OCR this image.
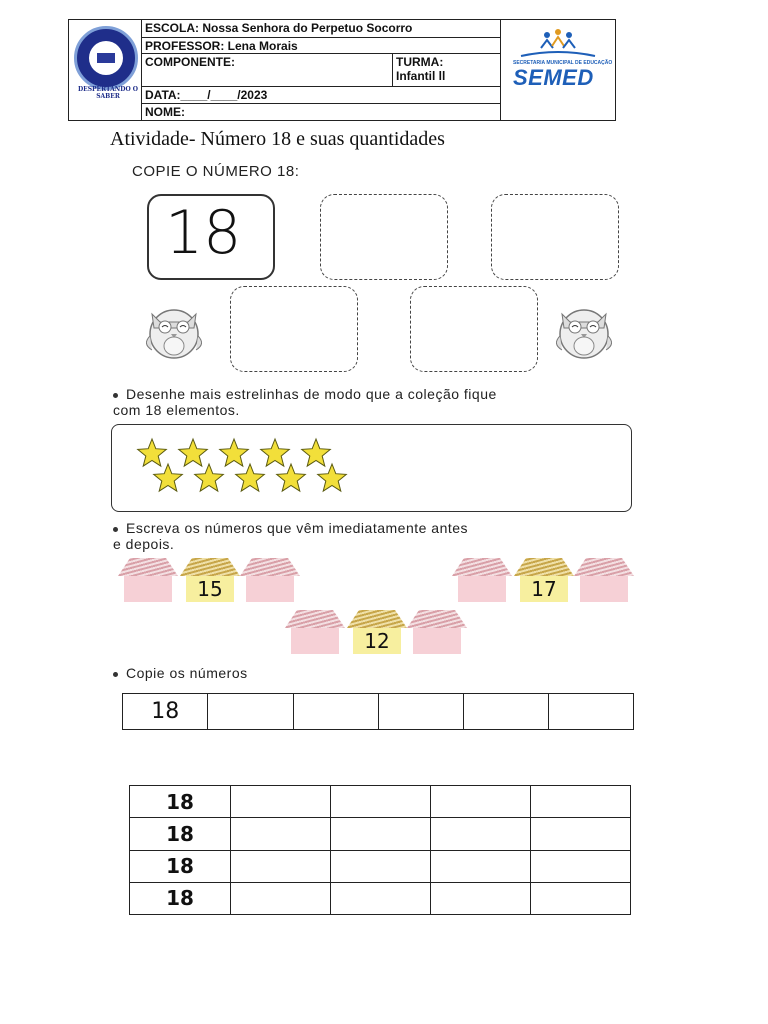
DESPERTANDO O SABER
ESCOLA: Nossa Senhora do Perpetuo Socorro
PROFESSOR: Lena Morais
COMPONENTE:	TURMA:
Infantil ll
DATA:____/____/2023
NOME:
SECRETARIA MUNICIPAL DE EDUCAÇÃO
SEMED
Atividade- Número 18 e suas quantidades
COPIE O NÚMERO 18:
18
Desenhe mais estrelinhas de modo que a coleção fique
com 18 elementos.
Escreva os números que vêm imediatamente antes
e depois.
15	17
12
Copie os números
18					
18				
18				
18				
18				
